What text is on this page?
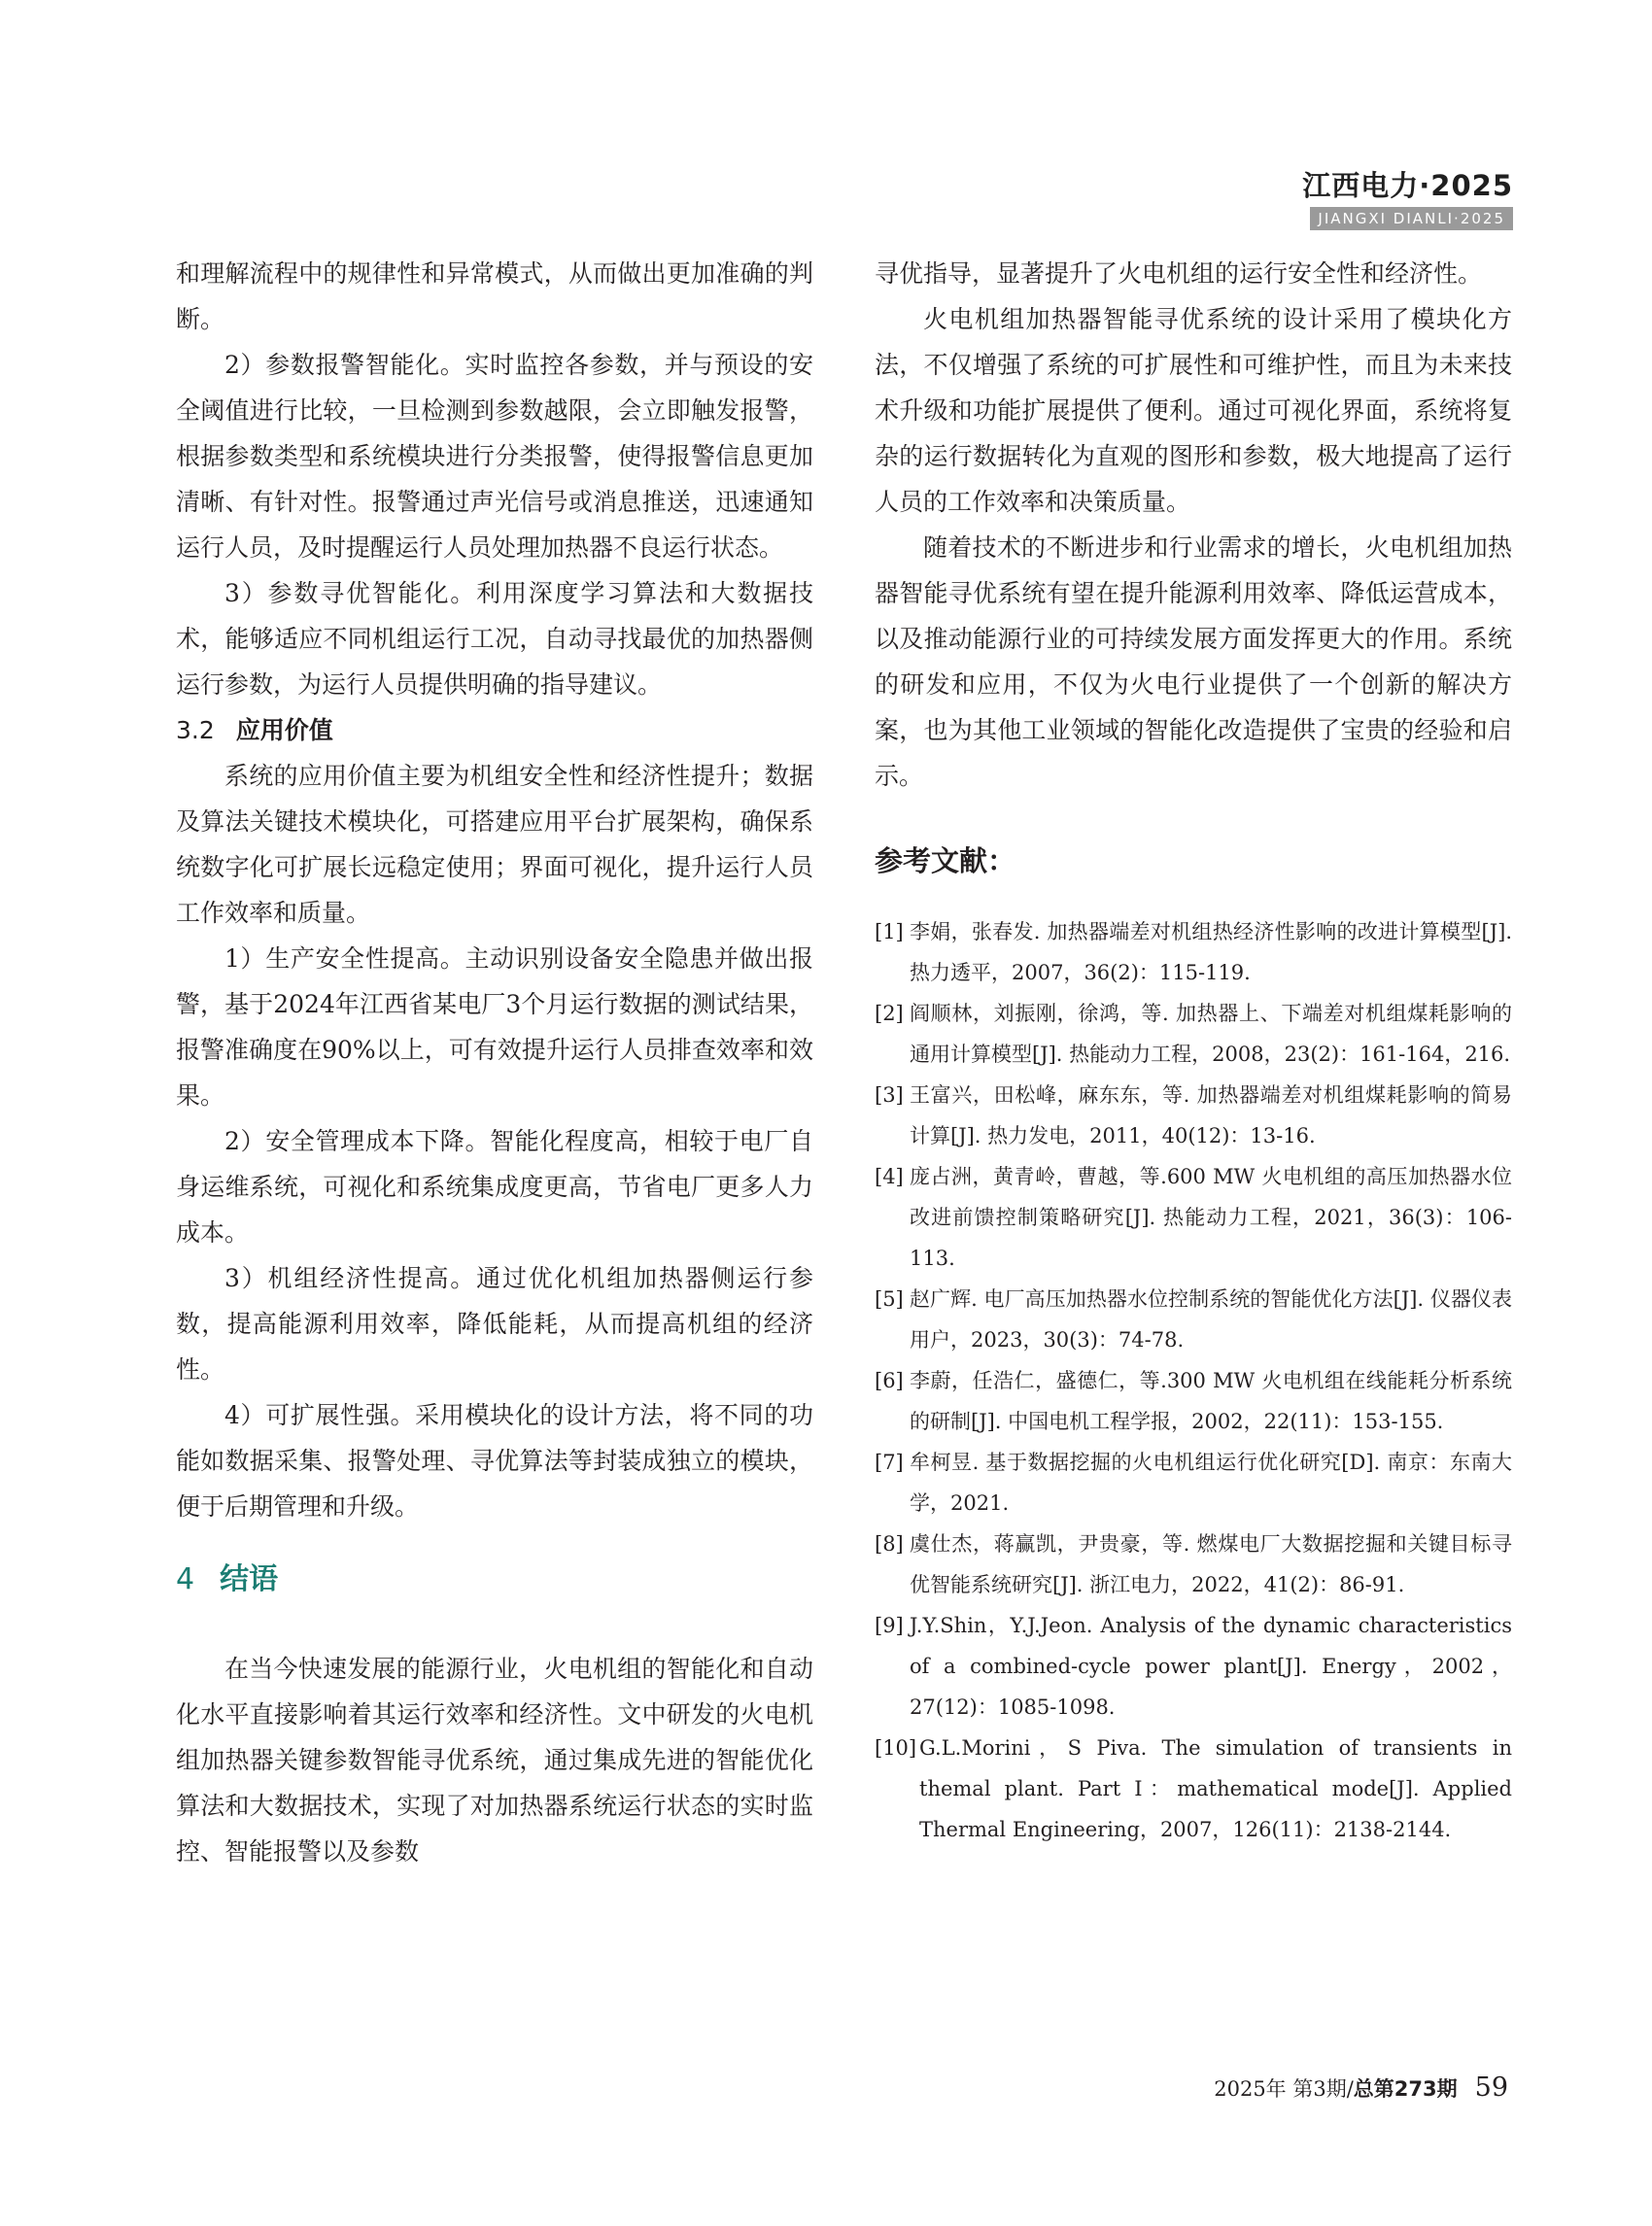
江西电力·2025
JIANGXI DIANLI·2025

和理解流程中的规律性和异常模式，从而做出更加准确的判断。

2）参数报警智能化。实时监控各参数，并与预设的安全阈值进行比较，一旦检测到参数越限，会立即触发报警，根据参数类型和系统模块进行分类报警，使得报警信息更加清晰、有针对性。报警通过声光信号或消息推送，迅速通知运行人员，及时提醒运行人员处理加热器不良运行状态。

3）参数寻优智能化。利用深度学习算法和大数据技术，能够适应不同机组运行工况，自动寻找最优的加热器侧运行参数，为运行人员提供明确的指导建议。

3.2 应用价值

系统的应用价值主要为机组安全性和经济性提升；数据及算法关键技术模块化，可搭建应用平台扩展架构，确保系统数字化可扩展长远稳定使用；界面可视化，提升运行人员工作效率和质量。

1）生产安全性提高。主动识别设备安全隐患并做出报警，基于2024年江西省某电厂3个月运行数据的测试结果，报警准确度在90%以上，可有效提升运行人员排查效率和效果。

2）安全管理成本下降。智能化程度高，相较于电厂自身运维系统，可视化和系统集成度更高，节省电厂更多人力成本。

3）机组经济性提高。通过优化机组加热器侧运行参数，提高能源利用效率，降低能耗，从而提高机组的经济性。

4）可扩展性强。采用模块化的设计方法，将不同的功能如数据采集、报警处理、寻优算法等封装成独立的模块，便于后期管理和升级。

4 结语

在当今快速发展的能源行业，火电机组的智能化和自动化水平直接影响着其运行效率和经济性。文中研发的火电机组加热器关键参数智能寻优系统，通过集成先进的智能优化算法和大数据技术，实现了对加热器系统运行状态的实时监控、智能报警以及参数

寻优指导，显著提升了火电机组的运行安全性和经济性。

火电机组加热器智能寻优系统的设计采用了模块化方法，不仅增强了系统的可扩展性和可维护性，而且为未来技术升级和功能扩展提供了便利。通过可视化界面，系统将复杂的运行数据转化为直观的图形和参数，极大地提高了运行人员的工作效率和决策质量。

随着技术的不断进步和行业需求的增长，火电机组加热器智能寻优系统有望在提升能源利用效率、降低运营成本，以及推动能源行业的可持续发展方面发挥更大的作用。系统的研发和应用，不仅为火电行业提供了一个创新的解决方案，也为其他工业领域的智能化改造提供了宝贵的经验和启示。

参考文献：
[1] 李娟，张春发. 加热器端差对机组热经济性影响的改进计算模型[J]. 热力透平，2007，36(2)：115-119.
[2] 阎顺林，刘振刚，徐鸿，等. 加热器上、下端差对机组煤耗影响的通用计算模型[J]. 热能动力工程，2008，23(2)：161-164，216.
[3] 王富兴，田松峰，麻东东，等. 加热器端差对机组煤耗影响的简易计算[J]. 热力发电，2011，40(12)：13-16.
[4] 庞占洲，黄青岭，曹越，等.600 MW 火电机组的高压加热器水位改进前馈控制策略研究[J]. 热能动力工程，2021，36(3)：106-113.
[5] 赵广辉. 电厂高压加热器水位控制系统的智能优化方法[J]. 仪器仪表用户，2023，30(3)：74-78.
[6] 李蔚，任浩仁，盛德仁，等.300 MW 火电机组在线能耗分析系统的研制[J]. 中国电机工程学报，2002，22(11)：153-155.
[7] 牟柯昱. 基于数据挖掘的火电机组运行优化研究[D]. 南京：东南大学，2021.
[8] 虞仕杰，蒋赢凯，尹贵豪，等. 燃煤电厂大数据挖掘和关键目标寻优智能系统研究[J]. 浙江电力，2022，41(2)：86-91.
[9] J.Y.Shin，Y.J.Jeon. Analysis of the dynamic characteristics of a combined-cycle power plant[J]. Energy，2002，27(12)：1085-1098.
[10] G.L.Morini，S Piva. The simulation of transients in themal plant. Part I：mathematical mode[J]. Applied Thermal Engineering，2007，126(11)：2138-2144.
2025年 第3期/总第273期 59
